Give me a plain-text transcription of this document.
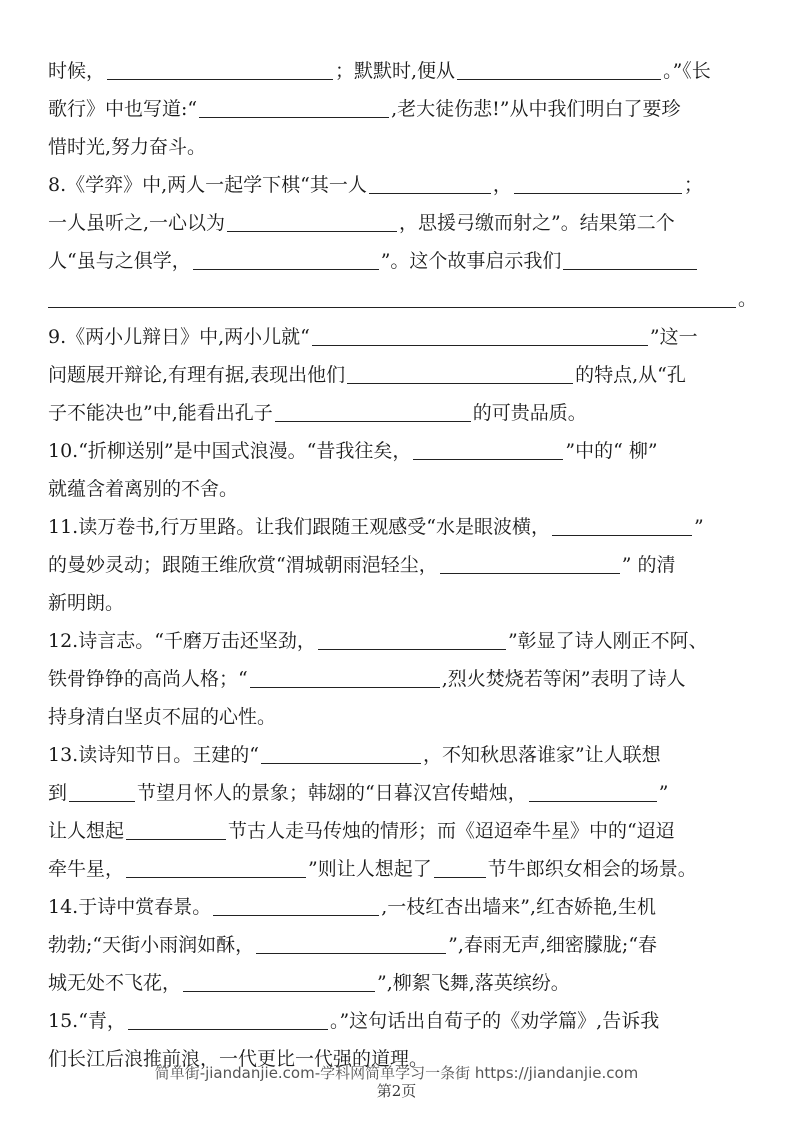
时候，	；默默时,便从	。”《长
歌行》中也写道:“	,老大徒伤悲!”从中我们明白了要珍
惜时光,努力奋斗。
8.《学弈》中,两人一起学下棋“其一人	，	；
一人虽听之,一心以为	，思援弓缴而射之”。结果第二个
人“虽与之俱学，	”。这个故事启示我们
。
9.《两小儿辩日》中,两小儿就“	”这一
问题展开辩论,有理有据,表现出他们	的特点,从“孔
子不能决也”中,能看出孔子	的可贵品质。
10.“折柳送别”是中国式浪漫。“昔我往矣，	”中的“ 柳”
就蕴含着离别的不舍。
11.读万卷书,行万里路。让我们跟随王观感受“水是眼波横，	”
的曼妙灵动；跟随王维欣赏“渭城朝雨浥轻尘，	” 的清
新明朗。
12.诗言志。“千磨万击还坚劲，	”彰显了诗人刚正不阿、
铁骨铮铮的高尚人格；“	,烈火焚烧若等闲”表明了诗人
持身清白坚贞不屈的心性。
13.读诗知节日。王建的“	，不知秋思落谁家”让人联想
到	节望月怀人的景象；韩翃的“日暮汉宫传蜡烛，	”
让人想起	节古人走马传烛的情形；而《迢迢牵牛星》中的“迢迢
牵牛星，	”则让人想起了	节牛郎织女相会的场景。
14.于诗中赏春景。	,一枝红杏出墙来”,红杏娇艳,生机
勃勃;“天街小雨润如酥，	”,春雨无声,细密朦胧;“春
城无处不飞花，	”,柳絮飞舞,落英缤纷。
15.“青，	。”这句话出自荀子的《劝学篇》,告诉我
们长江后浪推前浪，一代更比一代强的道理。
简单街-jiandanjie.com-学科网简单学习一条街 https://jiandanjie.com
第2页
